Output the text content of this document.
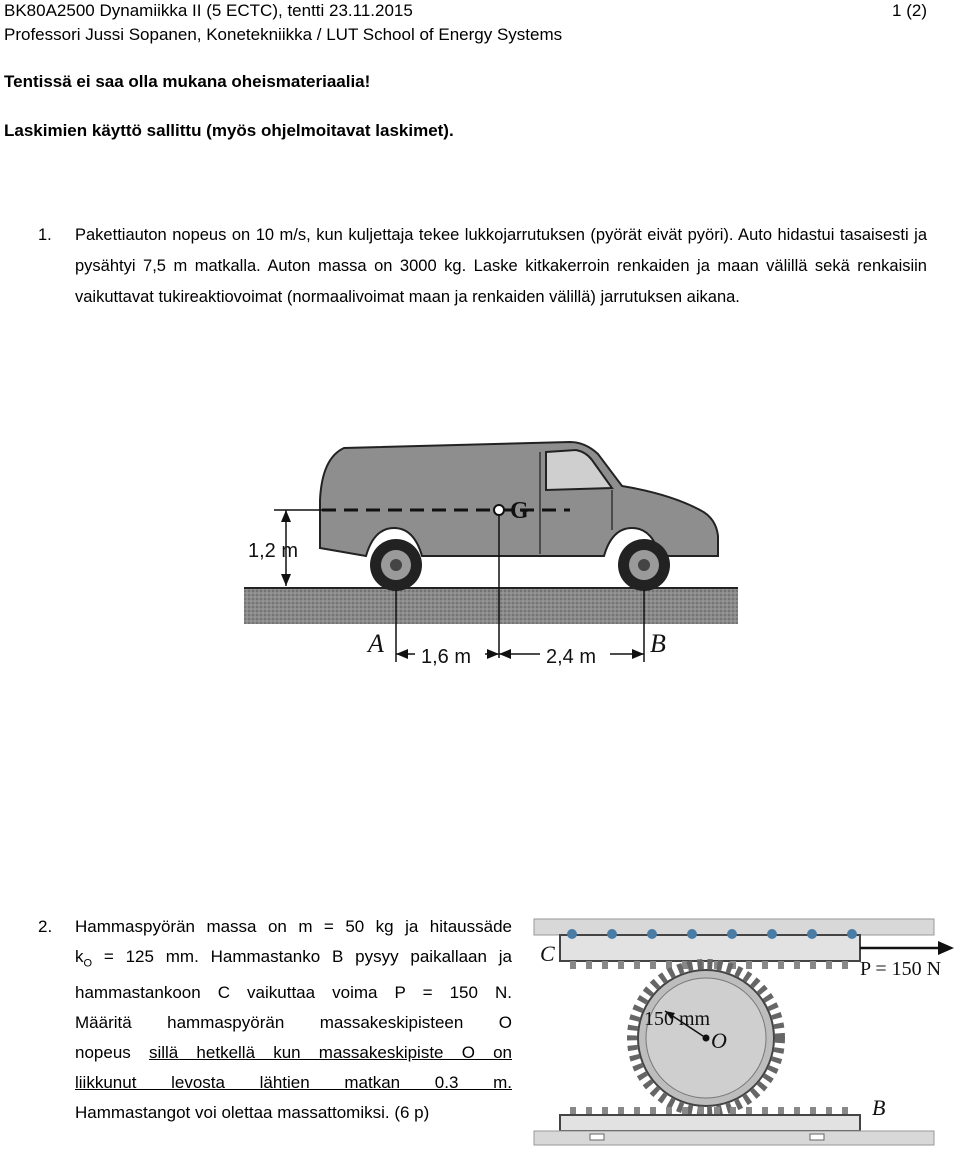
BK80A2500 Dynamiikka II (5 ECTC), tentti 23.11.2015	1 (2)
Professori Jussi Sopanen, Konetekniikka / LUT School of Energy Systems
Tentissä ei saa olla mukana oheismateriaalia!
Laskimien käyttö sallittu (myös ohjelmoitavat laskimet).
1. Pakettiauton nopeus on 10 m/s, kun kuljettaja tekee lukkojarrutuksen (pyörät eivät pyöri). Auto hidastui tasaisesti ja pysähtyi 7,5 m matkalla. Auton massa on 3000 kg. Laske kitkakerroin renkaiden ja maan välillä sekä renkaisiin vaikuttavat tukireaktiovoimat (normaalivoimat maan ja renkaiden välillä) jarrutuksen aikana.
G
1,2 m
1,6 m	2,4 m
A	B
2. Hammaspyörän massa on m = 50 kg ja hitaussäde
$k_O = 125$ mm. Hammastanko B pysyy paikallaan ja
hammastankoon C vaikuttaa voima P = 150 N.
Määritä hammaspyörän massakeskipisteen O
nopeus sillä hetkellä kun massakeskipiste O on
liikkunut levosta lähtien matkan 0.3 m.
Hammastangot voi olettaa massattomiksi. (6 p)
P = 150 N
C
150 mm
O
B
